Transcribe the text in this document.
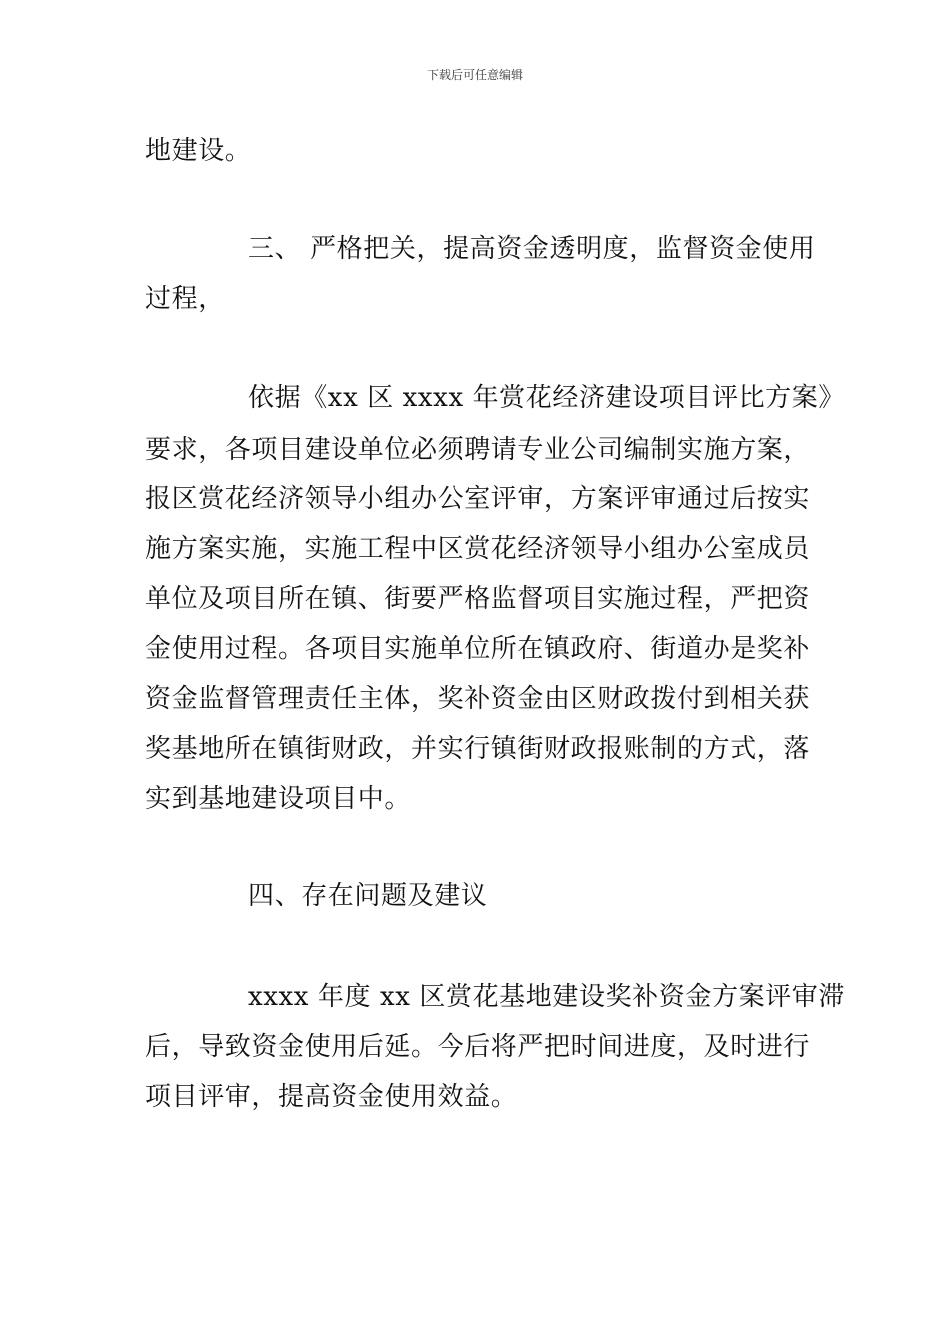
下载后可任意编辑
地建设。
三、 严格把关，提高资金透明度，监督资金使用
过程，
依据《xx 区 xxxx 年赏花经济建设项目评比方案》
要求，各项目建设单位必须聘请专业公司编制实施方案，
报区赏花经济领导小组办公室评审，方案评审通过后按实
施方案实施，实施工程中区赏花经济领导小组办公室成员
单位及项目所在镇、街要严格监督项目实施过程，严把资
金使用过程。各项目实施单位所在镇政府、街道办是奖补
资金监督管理责任主体，奖补资金由区财政拨付到相关获
奖基地所在镇街财政，并实行镇街财政报账制的方式，落
实到基地建设项目中。
四、存在问题及建议
xxxx 年度 xx 区赏花基地建设奖补资金方案评审滞
后，导致资金使用后延。今后将严把时间进度，及时进行
项目评审，提高资金使用效益。
